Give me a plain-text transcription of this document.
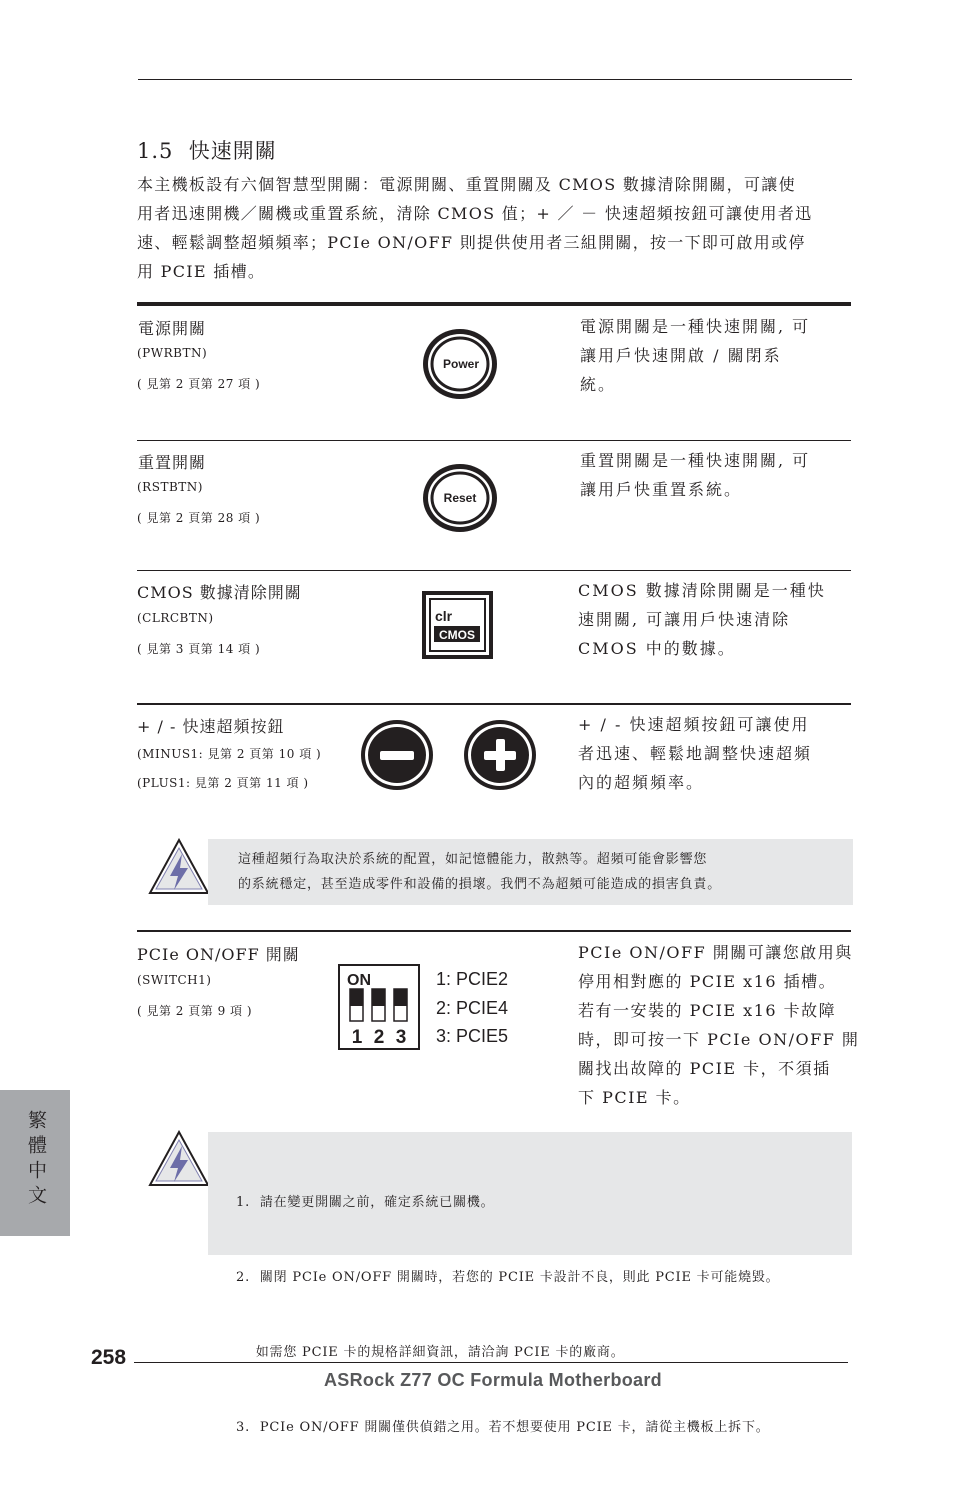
1.5 快速開關

本主機板設有六個智慧型開關：電源開關、重置開關及 CMOS 數據清除開關，可讓使

用者迅速開機／關機或重置系統，清除 CMOS 值；+ ／ － 快速超頻按鈕可讓使用者迅

速、輕鬆調整超頻頻率；PCIe ON/OFF 則提供使用者三組開關，按一下即可啟用或停

用 PCIE 插槽。

電源開關
(PWRBTN)
( 見第 2 頁第 27 項 )
Power
電源開關是一種快速開關, 可
讓用戶快速開啟 / 關閉系
統。
重置開關
(RSTBTN)
( 見第 2 頁第 28 項 )
Reset
重置開關是一種快速開關, 可
讓用戶快重置系統。
CMOS 數據清除開關
(CLRCBTN)
( 見第 3 頁第 14 項 )
clr
CMOS
CMOS 數據清除開關是一種快
速開關, 可讓用戶快速清除
CMOS 中的數據。
+ / - 快速超頻按鈕
(MINUS1: 見第 2 頁第 10 項 )
(PLUS1: 見第 2 頁第 11 項 )
+ / - 快速超頻按鈕可讓使用
者迅速、輕鬆地調整快速超頻
內的超頻頻率。
這種超頻行為取決於系統的配置，如記憶體能力，散熱等。超頻可能會影響您
的系統穩定，甚至造成零件和設備的損壞。我們不為超頻可能造成的損害負責。
PCIe ON/OFF 開關
(SWITCH1)
( 見第 2 頁第 9 項 )
ON
1 2 3
1: PCIE2
2: PCIE4
3: PCIE5
PCIe ON/OFF 開關可讓您啟用與
停用相對應的 PCIE x16 插槽。
若有一安裝的 PCIE x16 卡故障
時，即可按一下 PCIe ON/OFF 開
關找出故障的 PCIE 卡，不須插
下 PCIE 卡。

1.  請在變更開關之前，確定系統已關機。

2.  關閉 PCIe ON/OFF 開關時，若您的 PCIE 卡設計不良，則此 PCIE 卡可能燒毀。

如需您 PCIE 卡的規格詳細資訊，請洽詢 PCIE 卡的廠商。

3.  PCIe ON/OFF 開關僅供偵錯之用。若不想要使用 PCIE 卡，請從主機板上拆下。

繁體中文
258
ASRock Z77 OC Formula Motherboard
